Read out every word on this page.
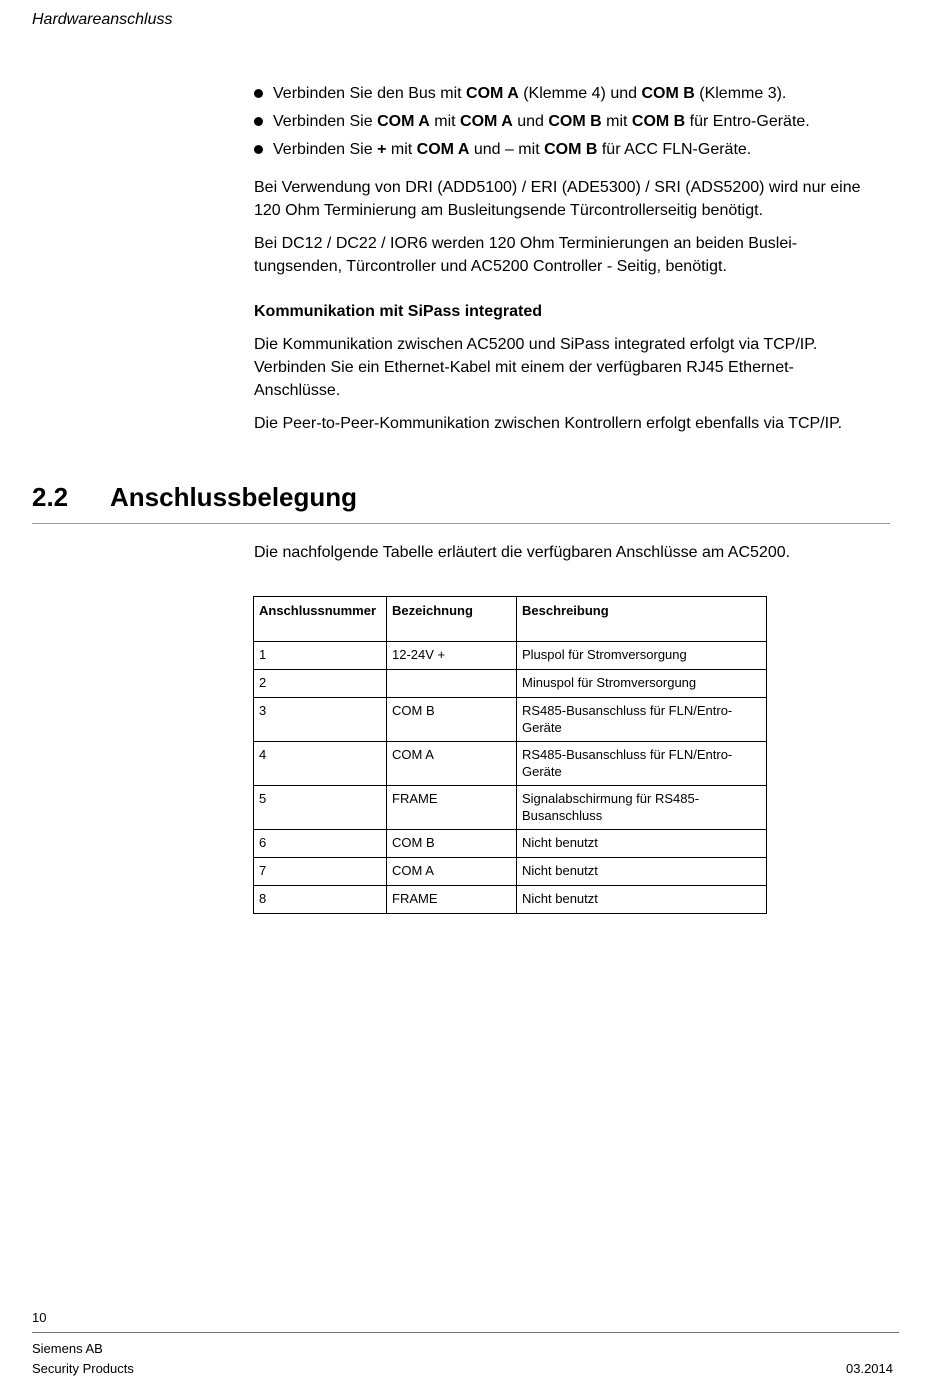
Hardwareanschluss
Verbinden Sie den Bus mit COM A (Klemme 4) und COM B (Klemme 3).
Verbinden Sie COM A mit COM A und COM B mit COM B für Entro-Geräte.
Verbinden Sie + mit COM A und – mit COM B für ACC FLN-Geräte.

Bei Verwendung von DRI (ADD5100) / ERI (ADE5300) / SRI (ADS5200) wird nur eine 120 Ohm Terminierung am Busleitungsende Türcontrollerseitig benötigt.

Bei DC12 / DC22 / IOR6 werden 120 Ohm Terminierungen an beiden Buslei-tungsenden, Türcontroller und AC5200 Controller - Seitig, benötigt.

Kommunikation mit SiPass integrated

Die Kommunikation zwischen AC5200 und SiPass integrated erfolgt via TCP/IP. Verbinden Sie ein Ethernet-Kabel mit einem der verfügbaren RJ45 Ethernet-Anschlüsse.

Die Peer-to-Peer-Kommunikation zwischen Kontrollern erfolgt ebenfalls via TCP/IP.

2.2 Anschlussbelegung
Die nachfolgende Tabelle erläutert die verfügbaren Anschlüsse am AC5200.
Anschlussnummer	Bezeichnung	Beschreibung
1	12-24V +	Pluspol für Stromversorgung
2		Minuspol für Stromversorgung
3	COM B	RS485-Busanschluss für FLN/Entro-Geräte
4	COM A	RS485-Busanschluss für FLN/Entro-Geräte
5	FRAME	Signalabschirmung für RS485-Busanschluss
6	COM B	Nicht benutzt
7	COM A	Nicht benutzt
8	FRAME	Nicht benutzt
10
Siemens AB
Security Products	03.2014
